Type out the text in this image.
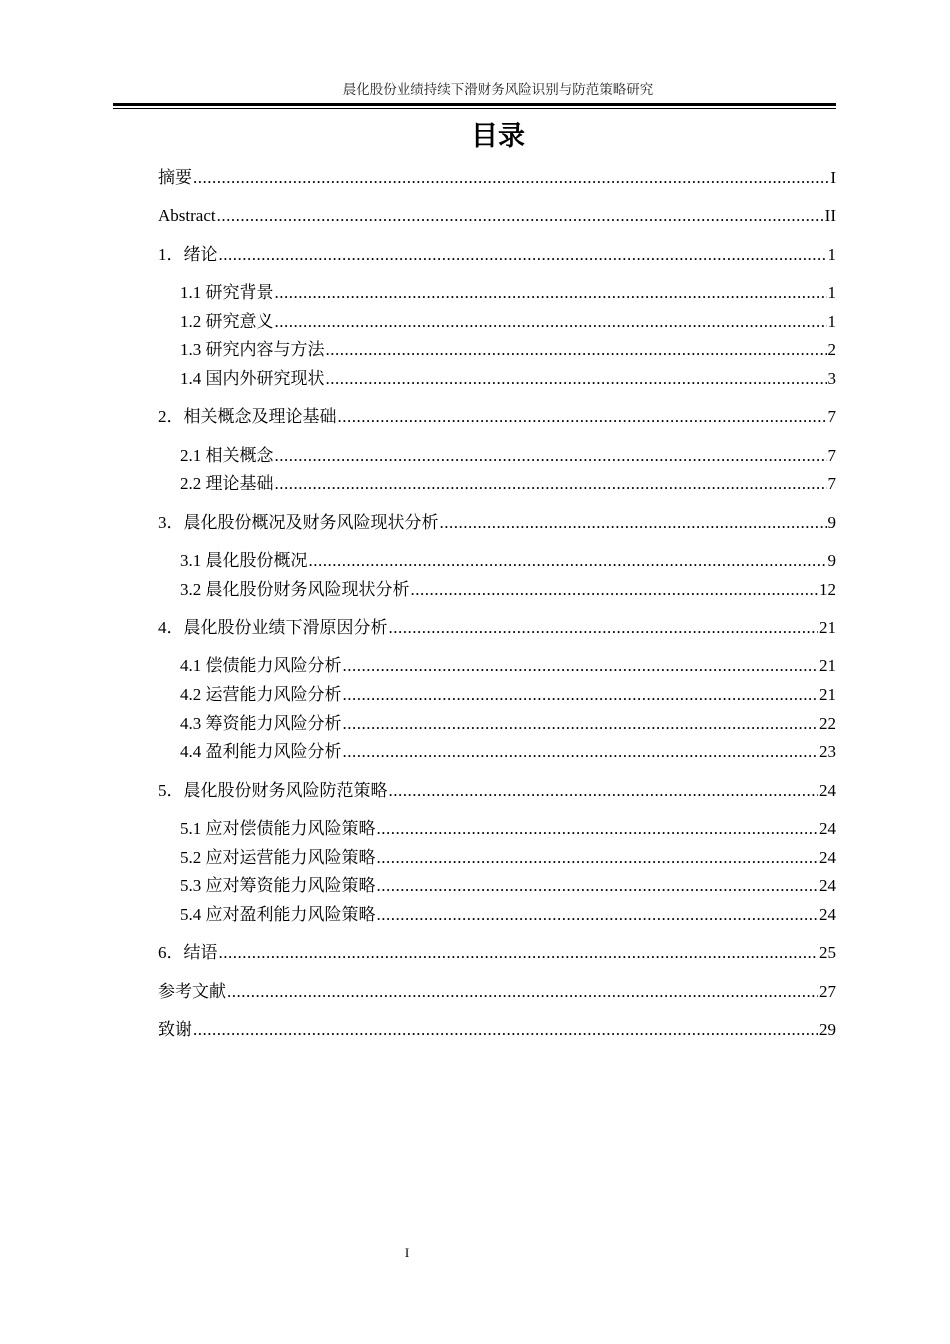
晨化股份业绩持续下滑财务风险识别与防范策略研究
目录
摘要 .....	I
Abstract .....	II
1．绪论 .....	1
1.1 研究背景 .....	1
1.2 研究意义 .....	1
1.3 研究内容与方法 .....	2
1.4 国内外研究现状 .....	3
2．相关概念及理论基础 .....	7
2.1 相关概念 .....	7
2.2 理论基础 .....	7
3．晨化股份概况及财务风险现状分析 .....	9
3.1 晨化股份概况 .....	9
3.2 晨化股份财务风险现状分析 .....	12
4．晨化股份业绩下滑原因分析 .....	21
4.1 偿债能力风险分析 .....	21
4.2 运营能力风险分析 .....	21
4.3 筹资能力风险分析 .....	22
4.4 盈利能力风险分析 .....	23
5．晨化股份财务风险防范策略 .....	24
5.1 应对偿债能力风险策略 .....	24
5.2 应对运营能力风险策略 .....	24
5.3 应对筹资能力风险策略 .....	24
5.4 应对盈利能力风险策略 .....	24
6．结语 .....	25
参考文献 .....	27
致谢 .....	29
I
